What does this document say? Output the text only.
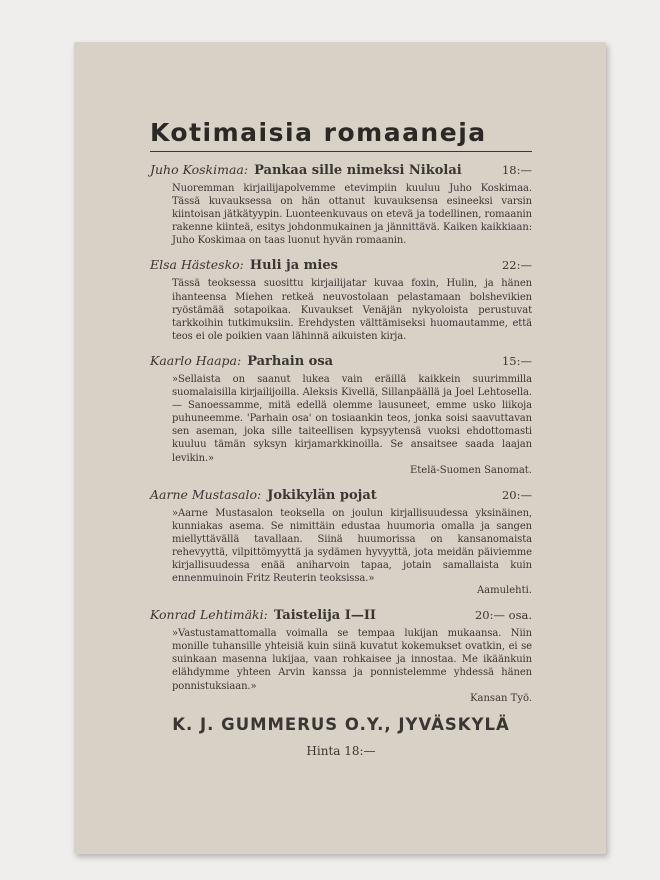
Kotimaisia romaaneja
Juho Koskimaa: Pankaa sille nimeksi Nikolai	18:—

Nuoremman kirjailijapolvemme etevimpiin kuuluu Juho Koskimaa. Tässä kuvauksessa on hän ottanut kuvauksensa esineeksi varsin kiintoisan jätkätyypin. Luonteenkuvaus on etevä ja todellinen, romaanin rakenne kiinteä, esitys johdonmukainen ja jännittävä. Kaiken kaikkiaan: Juho Koskimaa on taas luonut hyvän romaanin.

Elsa Hästesko: Huli ja mies	22:—

Tässä teoksessa suosittu kirjailijatar kuvaa foxin, Hulin, ja hänen ihanteensa Miehen retkeä neuvostolaan pelastamaan bolshevikien ryöstämää sotapoikaa. Kuvaukset Venäjän nykyoloista perustuvat tarkkoihin tutkimuksiin. Erehdysten välttämiseksi huomautamme, että teos ei ole poikien vaan lähinnä aikuisten kirja.

Kaarlo Haapa: Parhain osa	15:—

»Sellaista on saanut lukea vain eräillä kaikkein suurimmilla suomalaisilla kirjailijoilla. Aleksis Kivellä, Sillanpäällä ja Joel Lehtosella. — Sanoessamme, mitä edellä olemme lausuneet, emme usko liikoja puhuneemme. 'Parhain osa' on tosiaankin teos, jonka soisi saavuttavan sen aseman, joka sille taiteellisen kypsyytensä vuoksi ehdottomasti kuuluu tämän syksyn kirjamarkkinoilla. Se ansaitsee saada laajan levikin.»

Etelä-Suomen Sanomat.
Aarne Mustasalo: Jokikylän pojat	20:—

»Aarne Mustasalon teoksella on joulun kirjallisuudessa yksinäinen, kunniakas asema. Se nimittäin edustaa huumoria omalla ja sangen miellyttävällä tavallaan. Siinä huumorissa on kansanomaista rehevyyttä, vilpittömyyttä ja sydämen hyvyyttä, jota meidän päiviemme kirjallisuudessa enää aniharvoin tapaa, jotain samallaista kuin ennenmuinoin Fritz Reuterin teoksissa.»

Aamulehti.
Konrad Lehtimäki: Taistelija I—II	20:— osa.

»Vastustamattomalla voimalla se tempaa lukijan mukaansa. Niin monille tuhansille yhteisiä kuin siinä kuvatut kokemukset ovatkin, ei se suinkaan masenna lukijaa, vaan rohkaisee ja innostaa. Me ikäänkuin elähdymme yhteen Arvin kanssa ja ponnistelemme yhdessä hänen ponnistuksiaan.»

Kansan Työ.
K. J. GUMMERUS O.Y., JYVÄSKYLÄ
Hinta 18:—
